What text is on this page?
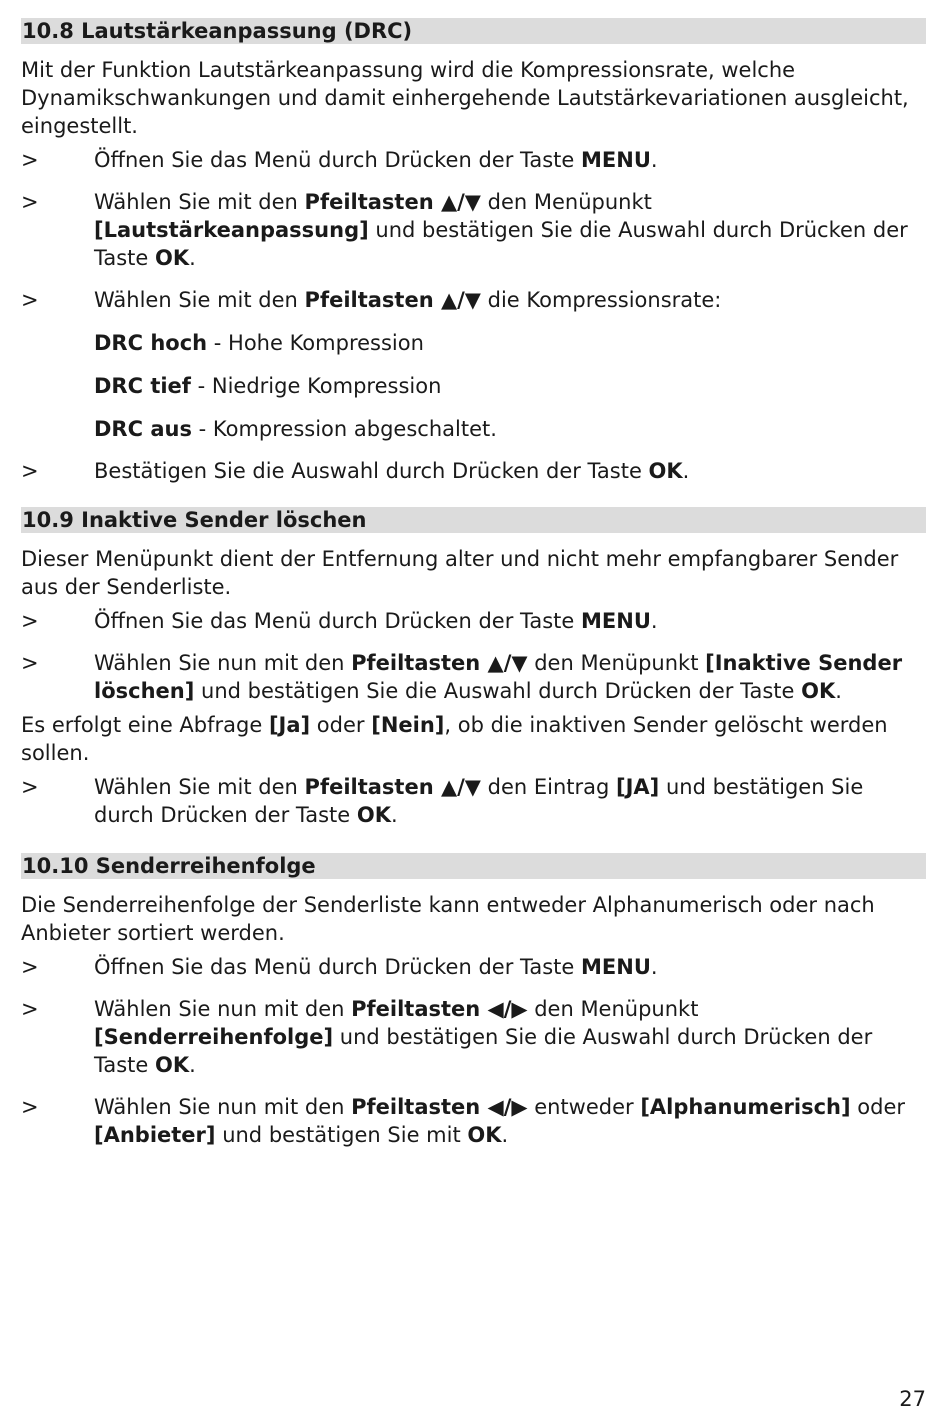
10.8 Lautstärkeanpassung (DRC)

Mit der Funktion Lautstärkeanpassung wird die Kompressionsrate, welche Dynamikschwankungen und damit einhergehende Lautstärkevariationen ausgleicht, eingestellt.

>	Öffnen Sie das Menü durch Drücken der Taste MENU.
>	Wählen Sie mit den Pfeiltasten ▲/▼ den Menüpunkt [Lautstärkeanpassung] und bestätigen Sie die Auswahl durch Drücken der Taste OK.
>	Wählen Sie mit den Pfeiltasten ▲/▼ die Kompressionsrate:
DRC hoch - Hohe Kompression
DRC tief - Niedrige Kompression
DRC aus - Kompression abgeschaltet.
>	Bestätigen Sie die Auswahl durch Drücken der Taste OK.
10.9 Inaktive Sender löschen

Dieser Menüpunkt dient der Entfernung alter und nicht mehr empfangbarer Sender aus der Senderliste.

>	Öffnen Sie das Menü durch Drücken der Taste MENU.
>	Wählen Sie nun mit den Pfeiltasten ▲/▼ den Menüpunkt [Inaktive Sender löschen] und bestätigen Sie die Auswahl durch Drücken der Taste OK.

Es erfolgt eine Abfrage [Ja] oder [Nein], ob die inaktiven Sender gelöscht werden sollen.

>	Wählen Sie mit den Pfeiltasten ▲/▼ den Eintrag [JA] und bestätigen Sie durch Drücken der Taste OK.
10.10 Senderreihenfolge

Die Senderreihenfolge der Senderliste kann entweder Alphanumerisch oder nach Anbieter sortiert werden.

>	Öffnen Sie das Menü durch Drücken der Taste MENU.
>	Wählen Sie nun mit den Pfeiltasten ◀/▶ den Menüpunkt [Senderreihenfolge] und bestätigen Sie die Auswahl durch Drücken der Taste OK.
>	Wählen Sie nun mit den Pfeiltasten ◀/▶ entweder [Alphanumerisch] oder [Anbieter] und bestätigen Sie mit OK.
27
